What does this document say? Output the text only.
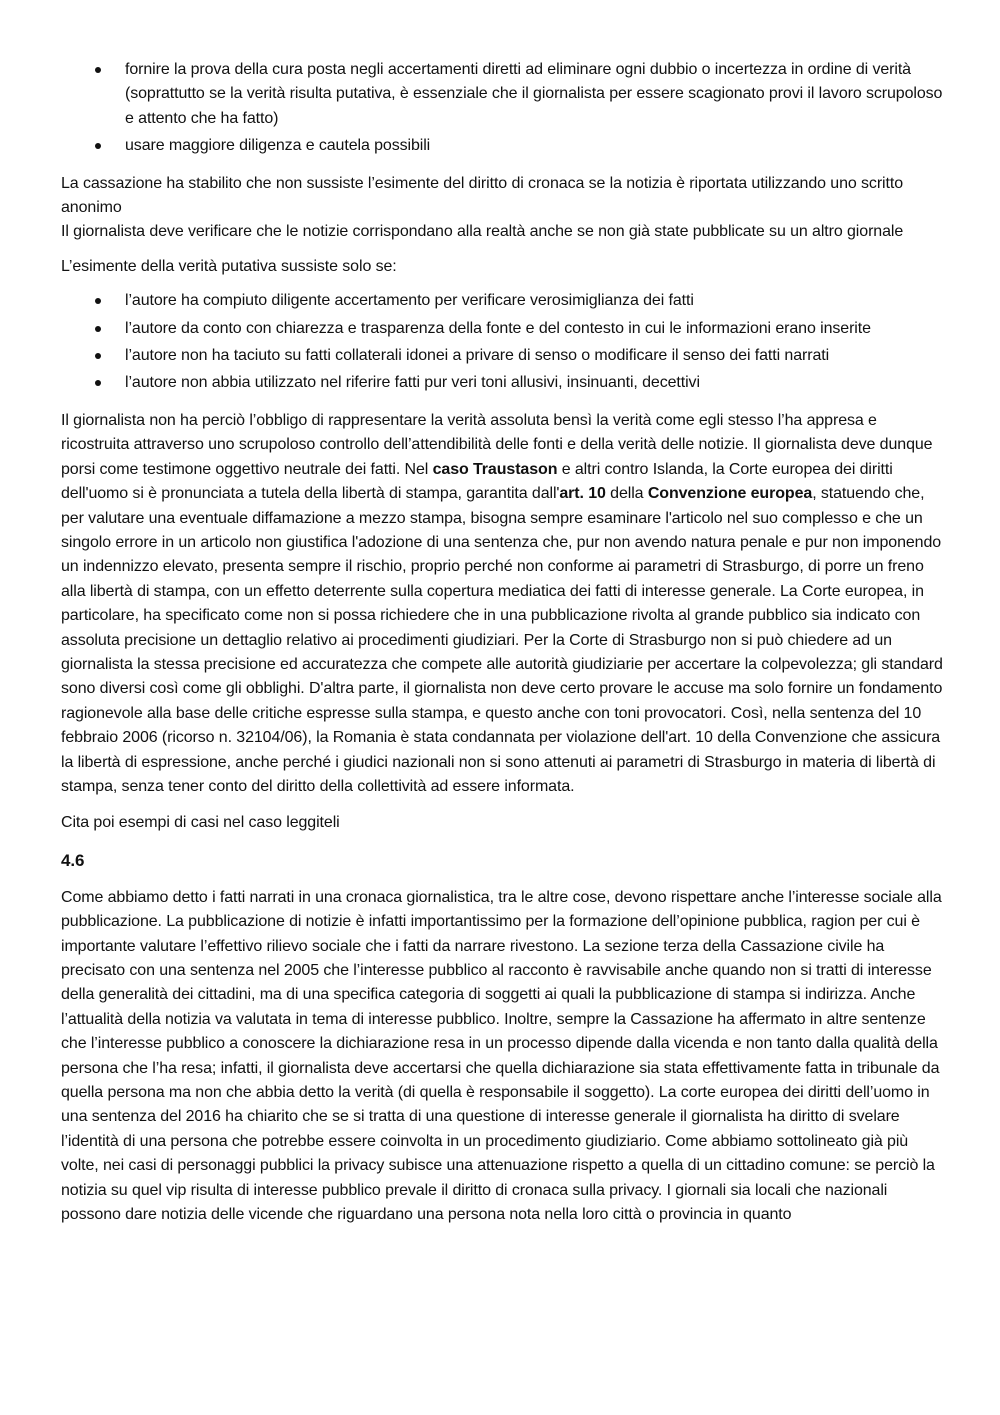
fornire la prova della cura posta negli accertamenti diretti ad eliminare ogni dubbio o incertezza in ordine di verità (soprattutto se la verità risulta putativa, è essenziale che il giornalista per essere scagionato provi il lavoro scrupoloso e attento che ha fatto)
usare maggiore diligenza e cautela possibili

La cassazione ha stabilito che non sussiste l’esimente del diritto di cronaca se la notizia è riportata utilizzando uno scritto anonimo

Il giornalista deve verificare che le notizie corrispondano alla realtà anche se non già state pubblicate su un altro giornale

L’esimente della verità putativa sussiste solo se:

l’autore ha compiuto diligente accertamento per verificare verosimiglianza dei fatti
l’autore da conto con chiarezza e trasparenza della fonte e del contesto in cui le informazioni erano inserite
l’autore non ha taciuto su fatti collaterali idonei a privare di senso o modificare il senso dei fatti narrati
l’autore non abbia utilizzato nel riferire fatti pur veri toni allusivi, insinuanti, decettivi

Il giornalista non ha perciò l’obbligo di rappresentare la verità assoluta bensì la verità come egli stesso l’ha appresa e ricostruita attraverso uno scrupoloso controllo dell’attendibilità delle fonti e della verità delle notizie. Il giornalista deve dunque porsi come testimone oggettivo neutrale dei fatti. Nel caso Traustason e altri contro Islanda, la Corte europea dei diritti dell'uomo si è pronunciata a tutela della libertà di stampa, garantita dall'art. 10 della Convenzione europea, statuendo che, per valutare una eventuale diffamazione a mezzo stampa, bisogna sempre esaminare l'articolo nel suo complesso e che un singolo errore in un articolo non giustifica l'adozione di una sentenza che, pur non avendo natura penale e pur non imponendo un indennizzo elevato, presenta sempre il rischio, proprio perché non conforme ai parametri di Strasburgo, di porre un freno alla libertà di stampa, con un effetto deterrente sulla copertura mediatica dei fatti di interesse generale. La Corte europea, in particolare, ha specificato come non si possa richiedere che in una pubblicazione rivolta al grande pubblico sia indicato con assoluta precisione un dettaglio relativo ai procedimenti giudiziari. Per la Corte di Strasburgo non si può chiedere ad un giornalista la stessa precisione ed accuratezza che compete alle autorità giudiziarie per accertare la colpevolezza; gli standard sono diversi così come gli obblighi. D'altra parte, il giornalista non deve certo provare le accuse ma solo fornire un fondamento ragionevole alla base delle critiche espresse sulla stampa, e questo anche con toni provocatori. Così, nella sentenza del 10 febbraio 2006 (ricorso n. 32104/06), la Romania è stata condannata per violazione dell'art. 10 della Convenzione che assicura la libertà di espressione, anche perché i giudici nazionali non si sono attenuti ai parametri di Strasburgo in materia di libertà di stampa, senza tener conto del diritto della collettività ad essere informata.

Cita poi esempi di casi nel caso leggiteli

4.6

Come abbiamo detto i fatti narrati in una cronaca giornalistica, tra le altre cose, devono rispettare anche l’interesse sociale alla pubblicazione. La pubblicazione di notizie è infatti importantissimo per la formazione dell’opinione pubblica, ragion per cui è importante valutare l’effettivo rilievo sociale che i fatti da narrare rivestono. La sezione terza della Cassazione civile ha precisato con una sentenza nel 2005 che l’interesse pubblico al racconto è ravvisabile anche quando non si tratti di interesse della generalità dei cittadini, ma di una specifica categoria di soggetti ai quali la pubblicazione di stampa si indirizza. Anche l’attualità della notizia va valutata in tema di interesse pubblico. Inoltre, sempre la Cassazione ha affermato in altre sentenze che l’interesse pubblico a conoscere la dichiarazione resa in un processo dipende dalla vicenda e non tanto dalla qualità della persona che l’ha resa; infatti, il giornalista deve accertarsi che quella dichiarazione sia stata effettivamente fatta in tribunale da quella persona ma non che abbia detto la verità (di quella è responsabile il soggetto). La corte europea dei diritti dell’uomo in una sentenza del 2016 ha chiarito che se si tratta di una questione di interesse generale il giornalista ha diritto di svelare l’identità di una persona che potrebbe essere coinvolta in un procedimento giudiziario. Come abbiamo sottolineato già più volte, nei casi di personaggi pubblici la privacy subisce una attenuazione rispetto a quella di un cittadino comune: se perciò la notizia su quel vip risulta di interesse pubblico prevale il diritto di cronaca sulla privacy. I giornali sia locali che nazionali possono dare notizia delle vicende che riguardano una persona nota nella loro città o provincia in quanto
